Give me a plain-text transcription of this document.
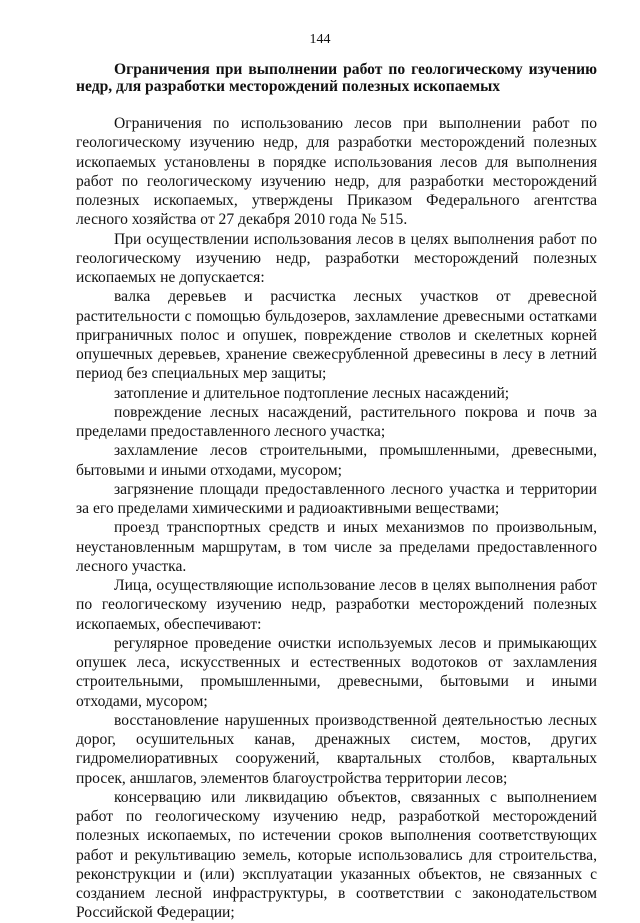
144

Ограничения при выполнении работ по геологическому изучению недр, для разработки месторождений полезных ископаемых

Ограничения по использованию лесов при выполнении работ по геологическому изучению недр, для разработки месторождений полезных ископаемых установлены в порядке использования лесов для выполнения работ по геологическому изучению недр, для разработки месторождений полезных ископаемых, утверждены Приказом Федерального агентства лесного хозяйства от 27 декабря 2010 года № 515.

При осуществлении использования лесов в целях выполнения работ по геологическому изучению недр, разработки месторождений полезных ископаемых не допускается:

валка деревьев и расчистка лесных участков от древесной растительности с помощью бульдозеров, захламление древесными остатками приграничных полос и опушек, повреждение стволов и скелетных корней опушечных деревьев, хранение свежесрубленной древесины в лесу в летний период без специальных мер защиты;

затопление и длительное подтопление лесных насаждений;

повреждение лесных насаждений, растительного покрова и почв за пределами предоставленного лесного участка;

захламление лесов строительными, промышленными, древесными, бытовыми и иными отходами, мусором;

загрязнение площади предоставленного лесного участка и территории за его пределами химическими и радиоактивными веществами;

проезд транспортных средств и иных механизмов по произвольным, неустановленным маршрутам, в том числе за пределами предоставленного лесного участка.

Лица, осуществляющие использование лесов в целях выполнения работ по геологическому изучению недр, разработки месторождений полезных ископаемых, обеспечивают:

регулярное проведение очистки используемых лесов и примыкающих опушек леса, искусственных и естественных водотоков от захламления строительными, промышленными, древесными, бытовыми и иными отходами, мусором;

восстановление нарушенных производственной деятельностью лесных дорог, осушительных канав, дренажных систем, мостов, других гидромелиоративных сооружений, квартальных столбов, квартальных просек, аншлагов, элементов благоустройства территории лесов;

консервацию или ликвидацию объектов, связанных с выполнением работ по геологическому изучению недр, разработкой месторождений полезных ископаемых, по истечении сроков выполнения соответствующих работ и рекультивацию земель, которые использовались для строительства, реконструкции и (или) эксплуатации указанных объектов, не связанных с созданием лесной инфраструктуры, в соответствии с законодательством Российской Федерации;
